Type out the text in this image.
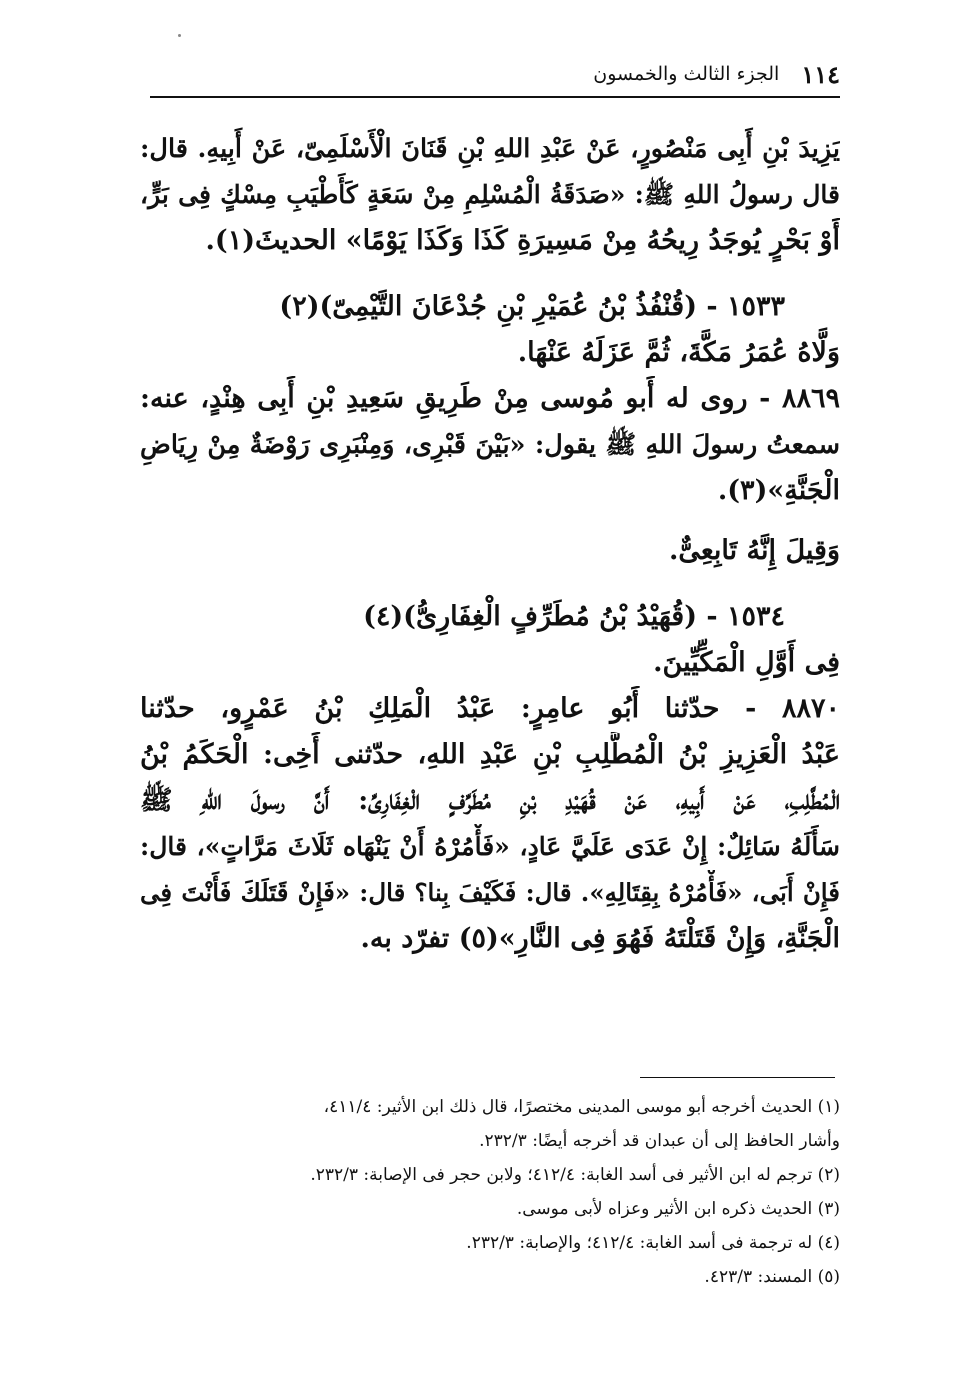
١١٤
الجزء الثالث والخمسون
يَزِيدَ بْنِ أَبِى مَنْصُورٍ، عَنْ عَبْدِ اللهِ بْنِ قَنَانَ الْأَسْلَمِىّ، عَنْ أَبِيهِ. قال:
قال رسولُ اللهِ ﷺ: «صَدَقَةُ الْمُسْلِمِ مِنْ سَعَةٍ كَأَطْيَبِ مِسْكٍ فِى بَرٍّ،
أَوْ بَحْرٍ يُوجَدُ رِيحُهُ مِنْ مَسِيرَةِ كَذَا وَكَذَا يَوْمًا» الحديثَ(١).
١٥٣٣ - (قُنْفُذُ بْنُ عُمَيْرِ بْنِ جُدْعَانَ التَّيْمِىّ)(٢)
وَلَّاهُ عُمَرُ مَكَّةَ، ثُمَّ عَزَلَهُ عَنْهَا.
٨٨٦٩ - روى له أَبو مُوسى مِنْ طَرِيقِ سَعِيدِ بْنِ أَبِى هِنْدٍ، عنه:
سمعتُ رسولَ اللهِ ﷺ يقول: «بَيْنَ قَبْرِى، وَمِنْبَرِى رَوْضَةٌ مِنْ رِيَاضِ
الْجَنَّةِ»(٣).
وَقِيلَ إِنَّهُ تَابِعِىٌّ.
١٥٣٤ - (قُهَيْدُ بْنُ مُطَرِّفٍ الْغِفَارِىُّ)(٤)
فِى أَوَّلِ الْمَكِّيِّينَ.
٨٨٧٠ - حدّثنا أَبُو عامِرٍ: عَبْدُ الْمَلِكِ بْنُ عَمْرٍو، حدّثنا
عَبْدُ الْعَزِيزِ بْنُ الْمُطَّلِبِ بْنِ عَبْدِ اللهِ، حدّثنى أَخِى: الْحَكَمُ بْنُ
الْمُطَّلِبِ، عَنْ أَبِيهِ، عَنْ قُهَيْدِ بْنِ مُطَرِّفٍ الْغِفَارِىِّ: أَنَّ رسولَ اللهِ ﷺ
سَأَلَهُ سَائِلٌ: إِنْ عَدَى عَلَيَّ عَادٍ، «فَأْمُرْهُ أَنْ يَنْهَاه ثَلَاثَ مَرَّاتٍ»، قال:
فَإِنْ أَبَى، «فَأْمُرْهُ بِقِتَالِهِ». قال: فَكَيْفَ بِنا؟ قال: «فَإِنْ قَتَلَكَ فَأَنْتَ فِى
الْجَنَّةِ، وَإِنْ قَتَلْتَهُ فَهُوَ فِى النَّارِ»(٥) تفرّد به.
(١) الحديث أخرجه أبو موسى المدينى مختصرًا، قال ذلك ابن الأثير: ٤١١/٤،
وأشار الحافظ إلى أن عبدان قد أخرجه أيضًا: ٢٣٢/٣.
(٢) ترجم له ابن الأثير فى أسد الغابة: ٤١٢/٤؛ ولابن حجر فى الإصابة: ٢٣٢/٣.
(٣) الحديث ذكره ابن الأثير وعزاه لأبى موسى.
(٤) له ترجمة فى أسد الغابة: ٤١٢/٤؛ والإصابة: ٢٣٢/٣.
(٥) المسند: ٤٢٣/٣.
